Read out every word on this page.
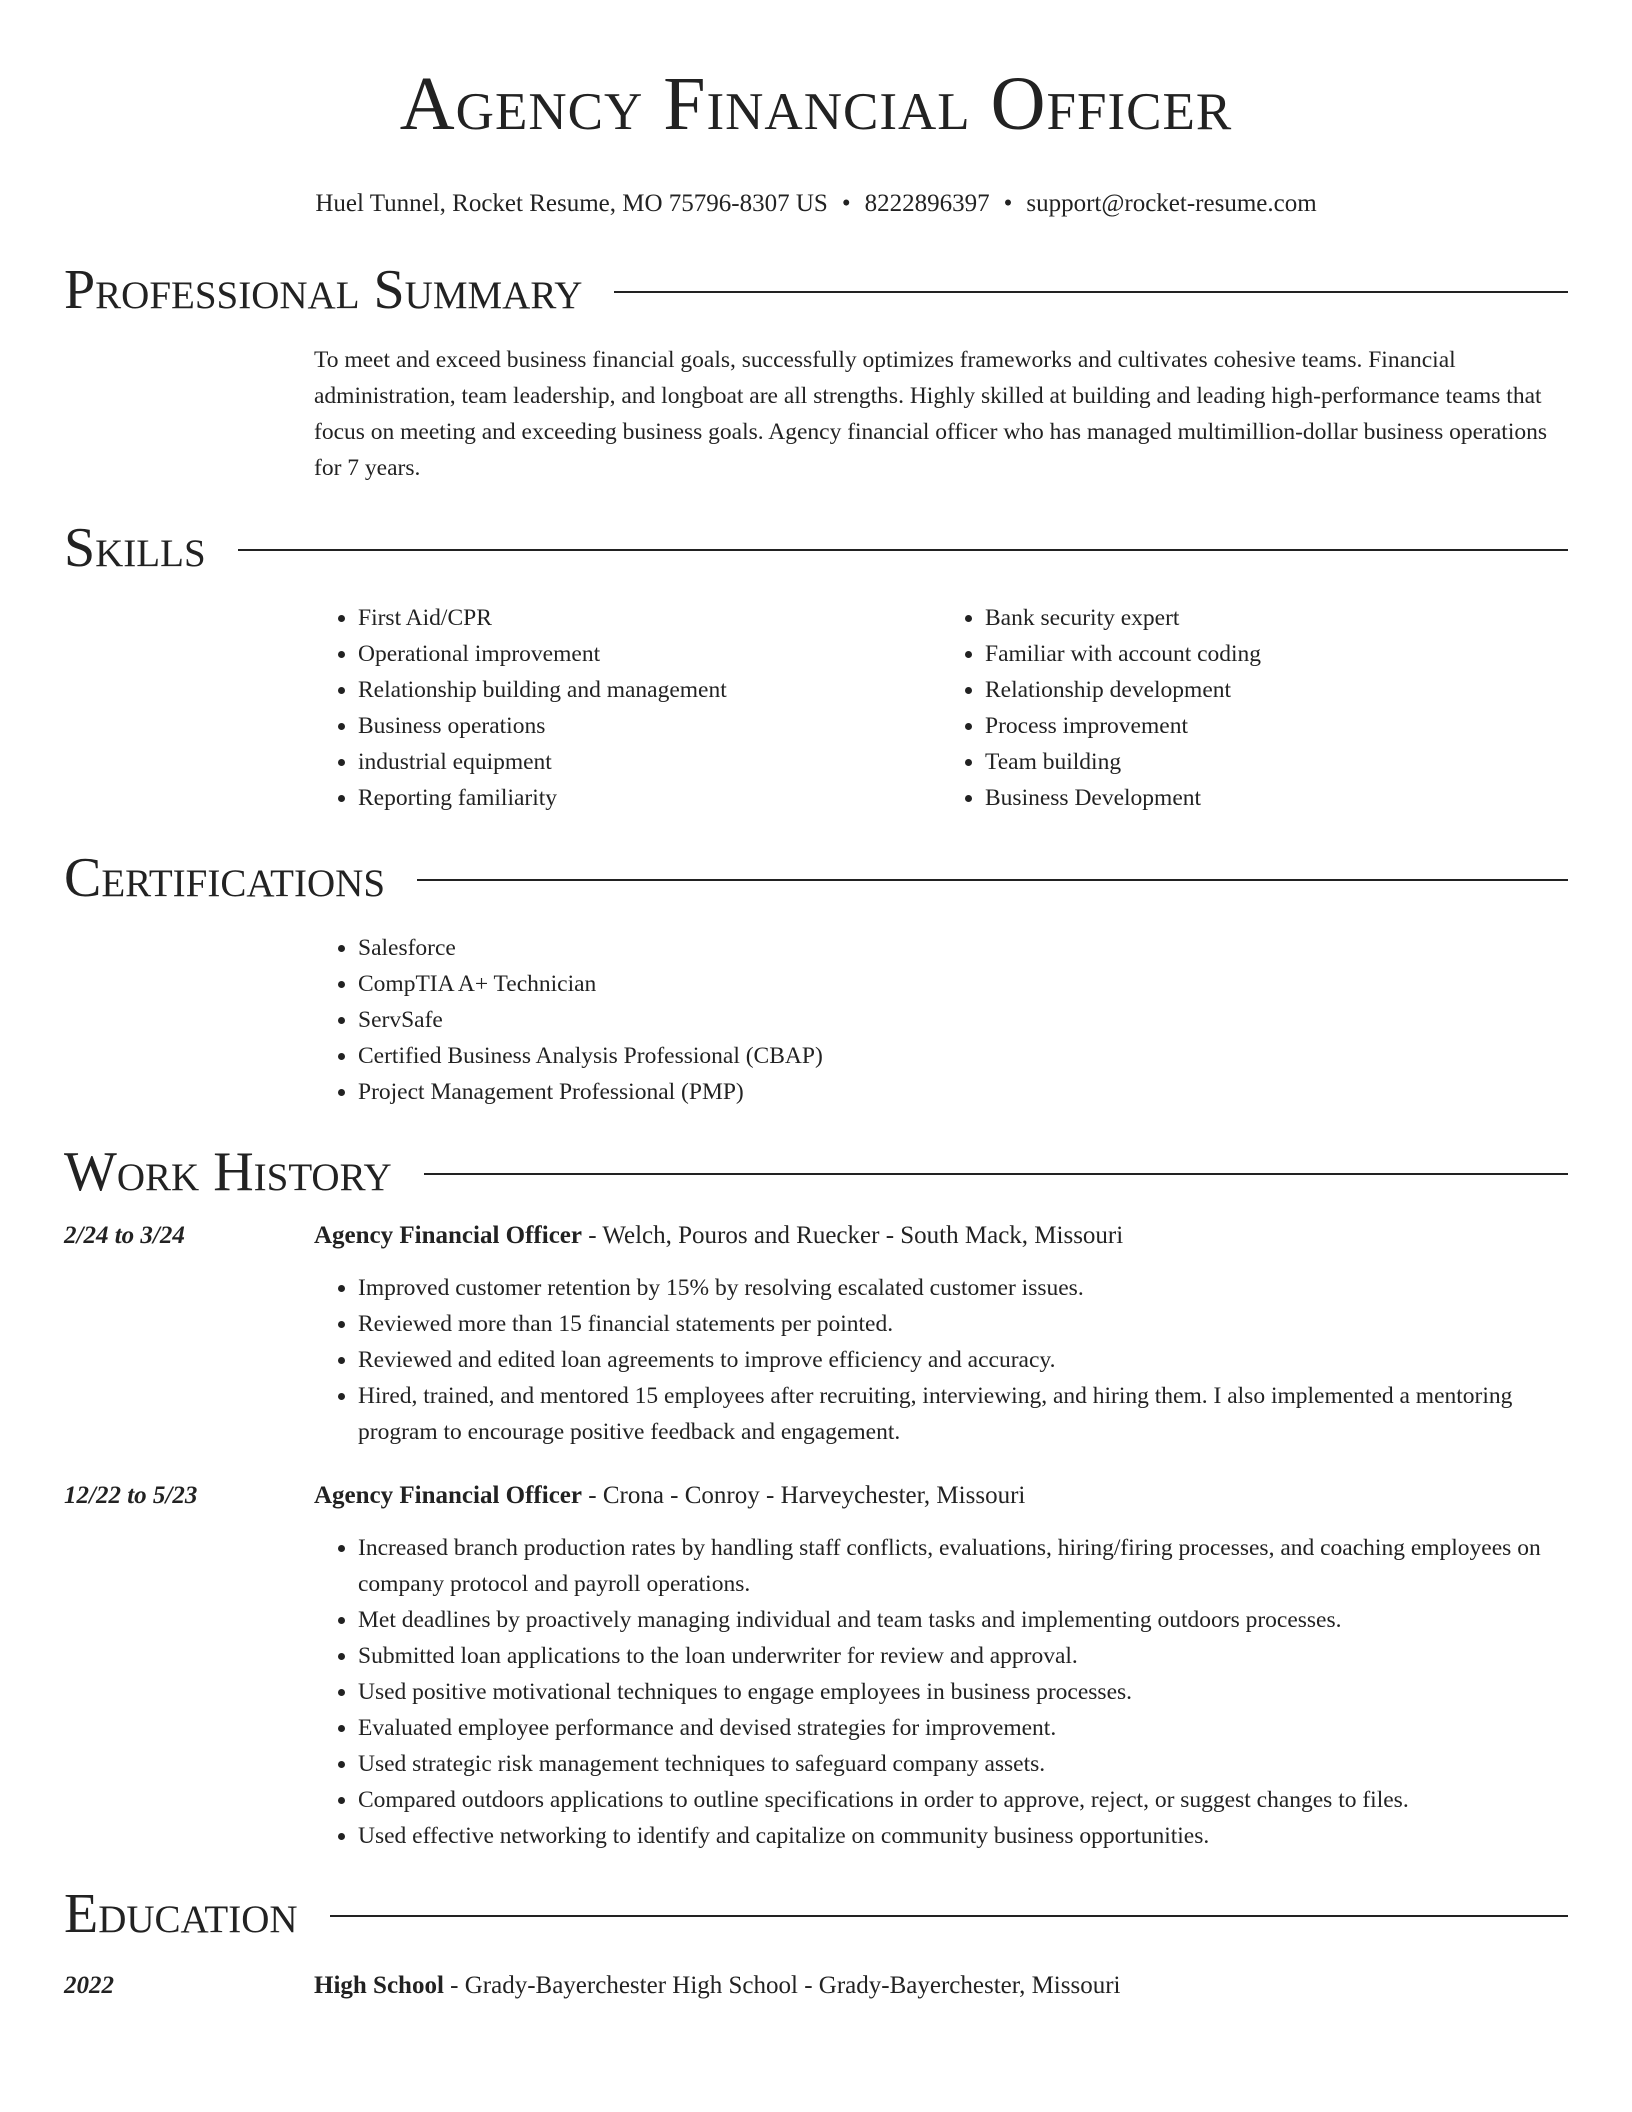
Agency Financial Officer
Huel Tunnel, Rocket Resume, MO 75796-8307 US • 8222896397 • support@rocket-resume.com
Professional Summary
To meet and exceed business financial goals, successfully optimizes frameworks and cultivates cohesive teams. Financial administration, team leadership, and longboat are all strengths. Highly skilled at building and leading high-performance teams that focus on meeting and exceeding business goals. Agency financial officer who has managed multimillion-dollar business operations for 7 years.
Skills
• First Aid/CPR
• Operational improvement
• Relationship building and management
• Business operations
• industrial equipment
• Reporting familiarity
• Bank security expert
• Familiar with account coding
• Relationship development
• Process improvement
• Team building
• Business Development
Certifications
• Salesforce
• CompTIA A+ Technician
• ServSafe
• Certified Business Analysis Professional (CBAP)
• Project Management Professional (PMP)
Work History
2/24 to 3/24	Agency Financial Officer - Welch, Pouros and Ruecker - South Mack, Missouri
• Improved customer retention by 15% by resolving escalated customer issues.
• Reviewed more than 15 financial statements per pointed.
• Reviewed and edited loan agreements to improve efficiency and accuracy.
• Hired, trained, and mentored 15 employees after recruiting, interviewing, and hiring them. I also implemented a mentoring program to encourage positive feedback and engagement.
12/22 to 5/23	Agency Financial Officer - Crona - Conroy - Harveychester, Missouri
• Increased branch production rates by handling staff conflicts, evaluations, hiring/firing processes, and coaching employees on company protocol and payroll operations.
• Met deadlines by proactively managing individual and team tasks and implementing outdoors processes.
• Submitted loan applications to the loan underwriter for review and approval.
• Used positive motivational techniques to engage employees in business processes.
• Evaluated employee performance and devised strategies for improvement.
• Used strategic risk management techniques to safeguard company assets.
• Compared outdoors applications to outline specifications in order to approve, reject, or suggest changes to files.
• Used effective networking to identify and capitalize on community business opportunities.
Education
2022	High School - Grady-Bayerchester High School - Grady-Bayerchester, Missouri
